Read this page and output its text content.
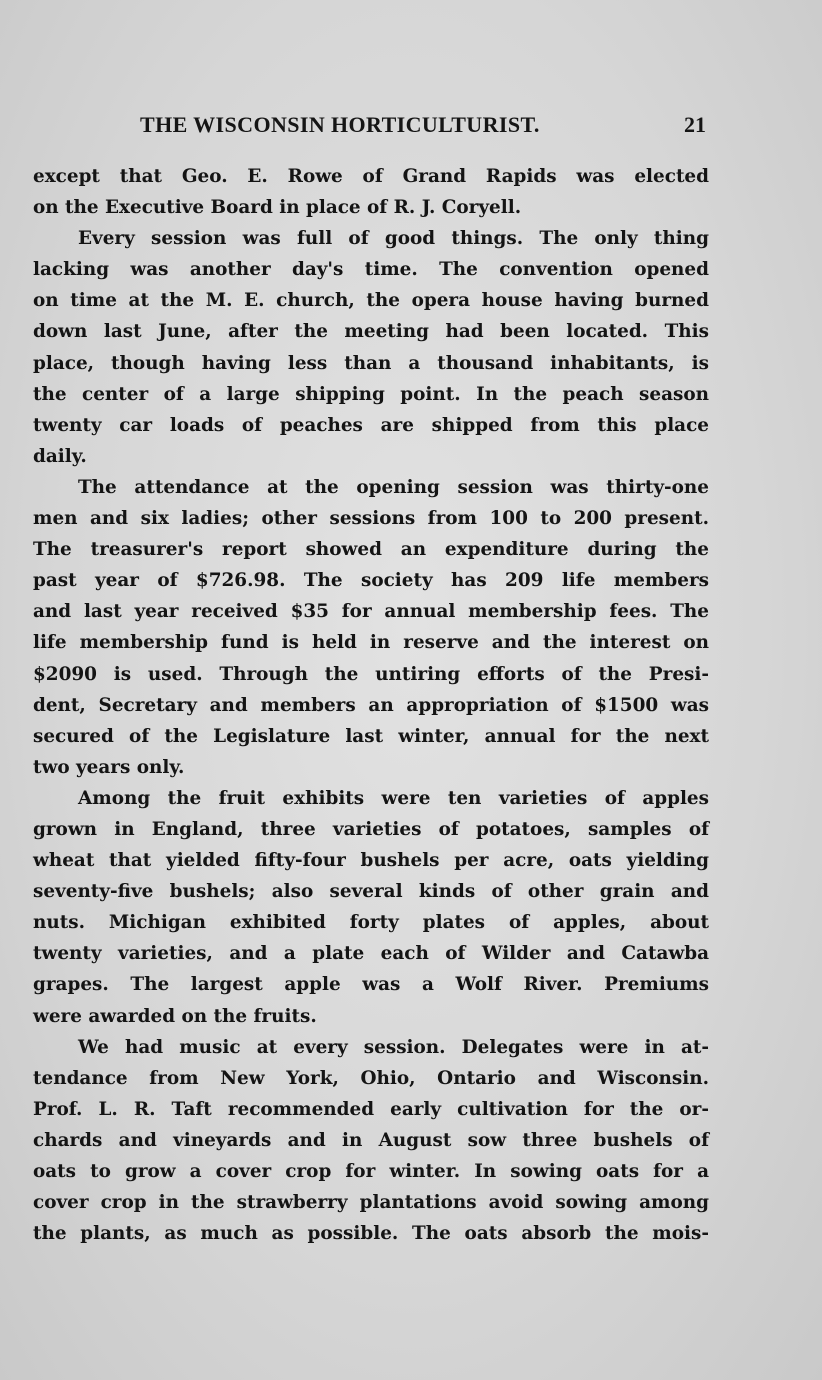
THE WISCONSIN HORTICULTURIST.	21
except that Geo. E. Rowe of Grand Rapids was elected
on the Executive Board in place of R. J. Coryell.
Every session was full of good things. The only thing
lacking was another day's time. The convention opened
on time at the M. E. church, the opera house having burned
down last June, after the meeting had been located. This
place, though having less than a thousand inhabitants, is
the center of a large shipping point. In the peach season
twenty car loads of peaches are shipped from this place
daily.
The attendance at the opening session was thirty-one
men and six ladies; other sessions from 100 to 200 present.
The treasurer's report showed an expenditure during the
past year of $726.98. The society has 209 life members
and last year received $35 for annual membership fees. The
life membership fund is held in reserve and the interest on
$2090 is used. Through the untiring efforts of the Presi-
dent, Secretary and members an appropriation of $1500 was
secured of the Legislature last winter, annual for the next
two years only.
Among the fruit exhibits were ten varieties of apples
grown in England, three varieties of potatoes, samples of
wheat that yielded fifty-four bushels per acre, oats yielding
seventy-five bushels; also several kinds of other grain and
nuts. Michigan exhibited forty plates of apples, about
twenty varieties, and a plate each of Wilder and Catawba
grapes. The largest apple was a Wolf River. Premiums
were awarded on the fruits.
We had music at every session. Delegates were in at-
tendance from New York, Ohio, Ontario and Wisconsin.
Prof. L. R. Taft recommended early cultivation for the or-
chards and vineyards and in August sow three bushels of
oats to grow a cover crop for winter. In sowing oats for a
cover crop in the strawberry plantations avoid sowing among
the plants, as much as possible. The oats absorb the mois-
